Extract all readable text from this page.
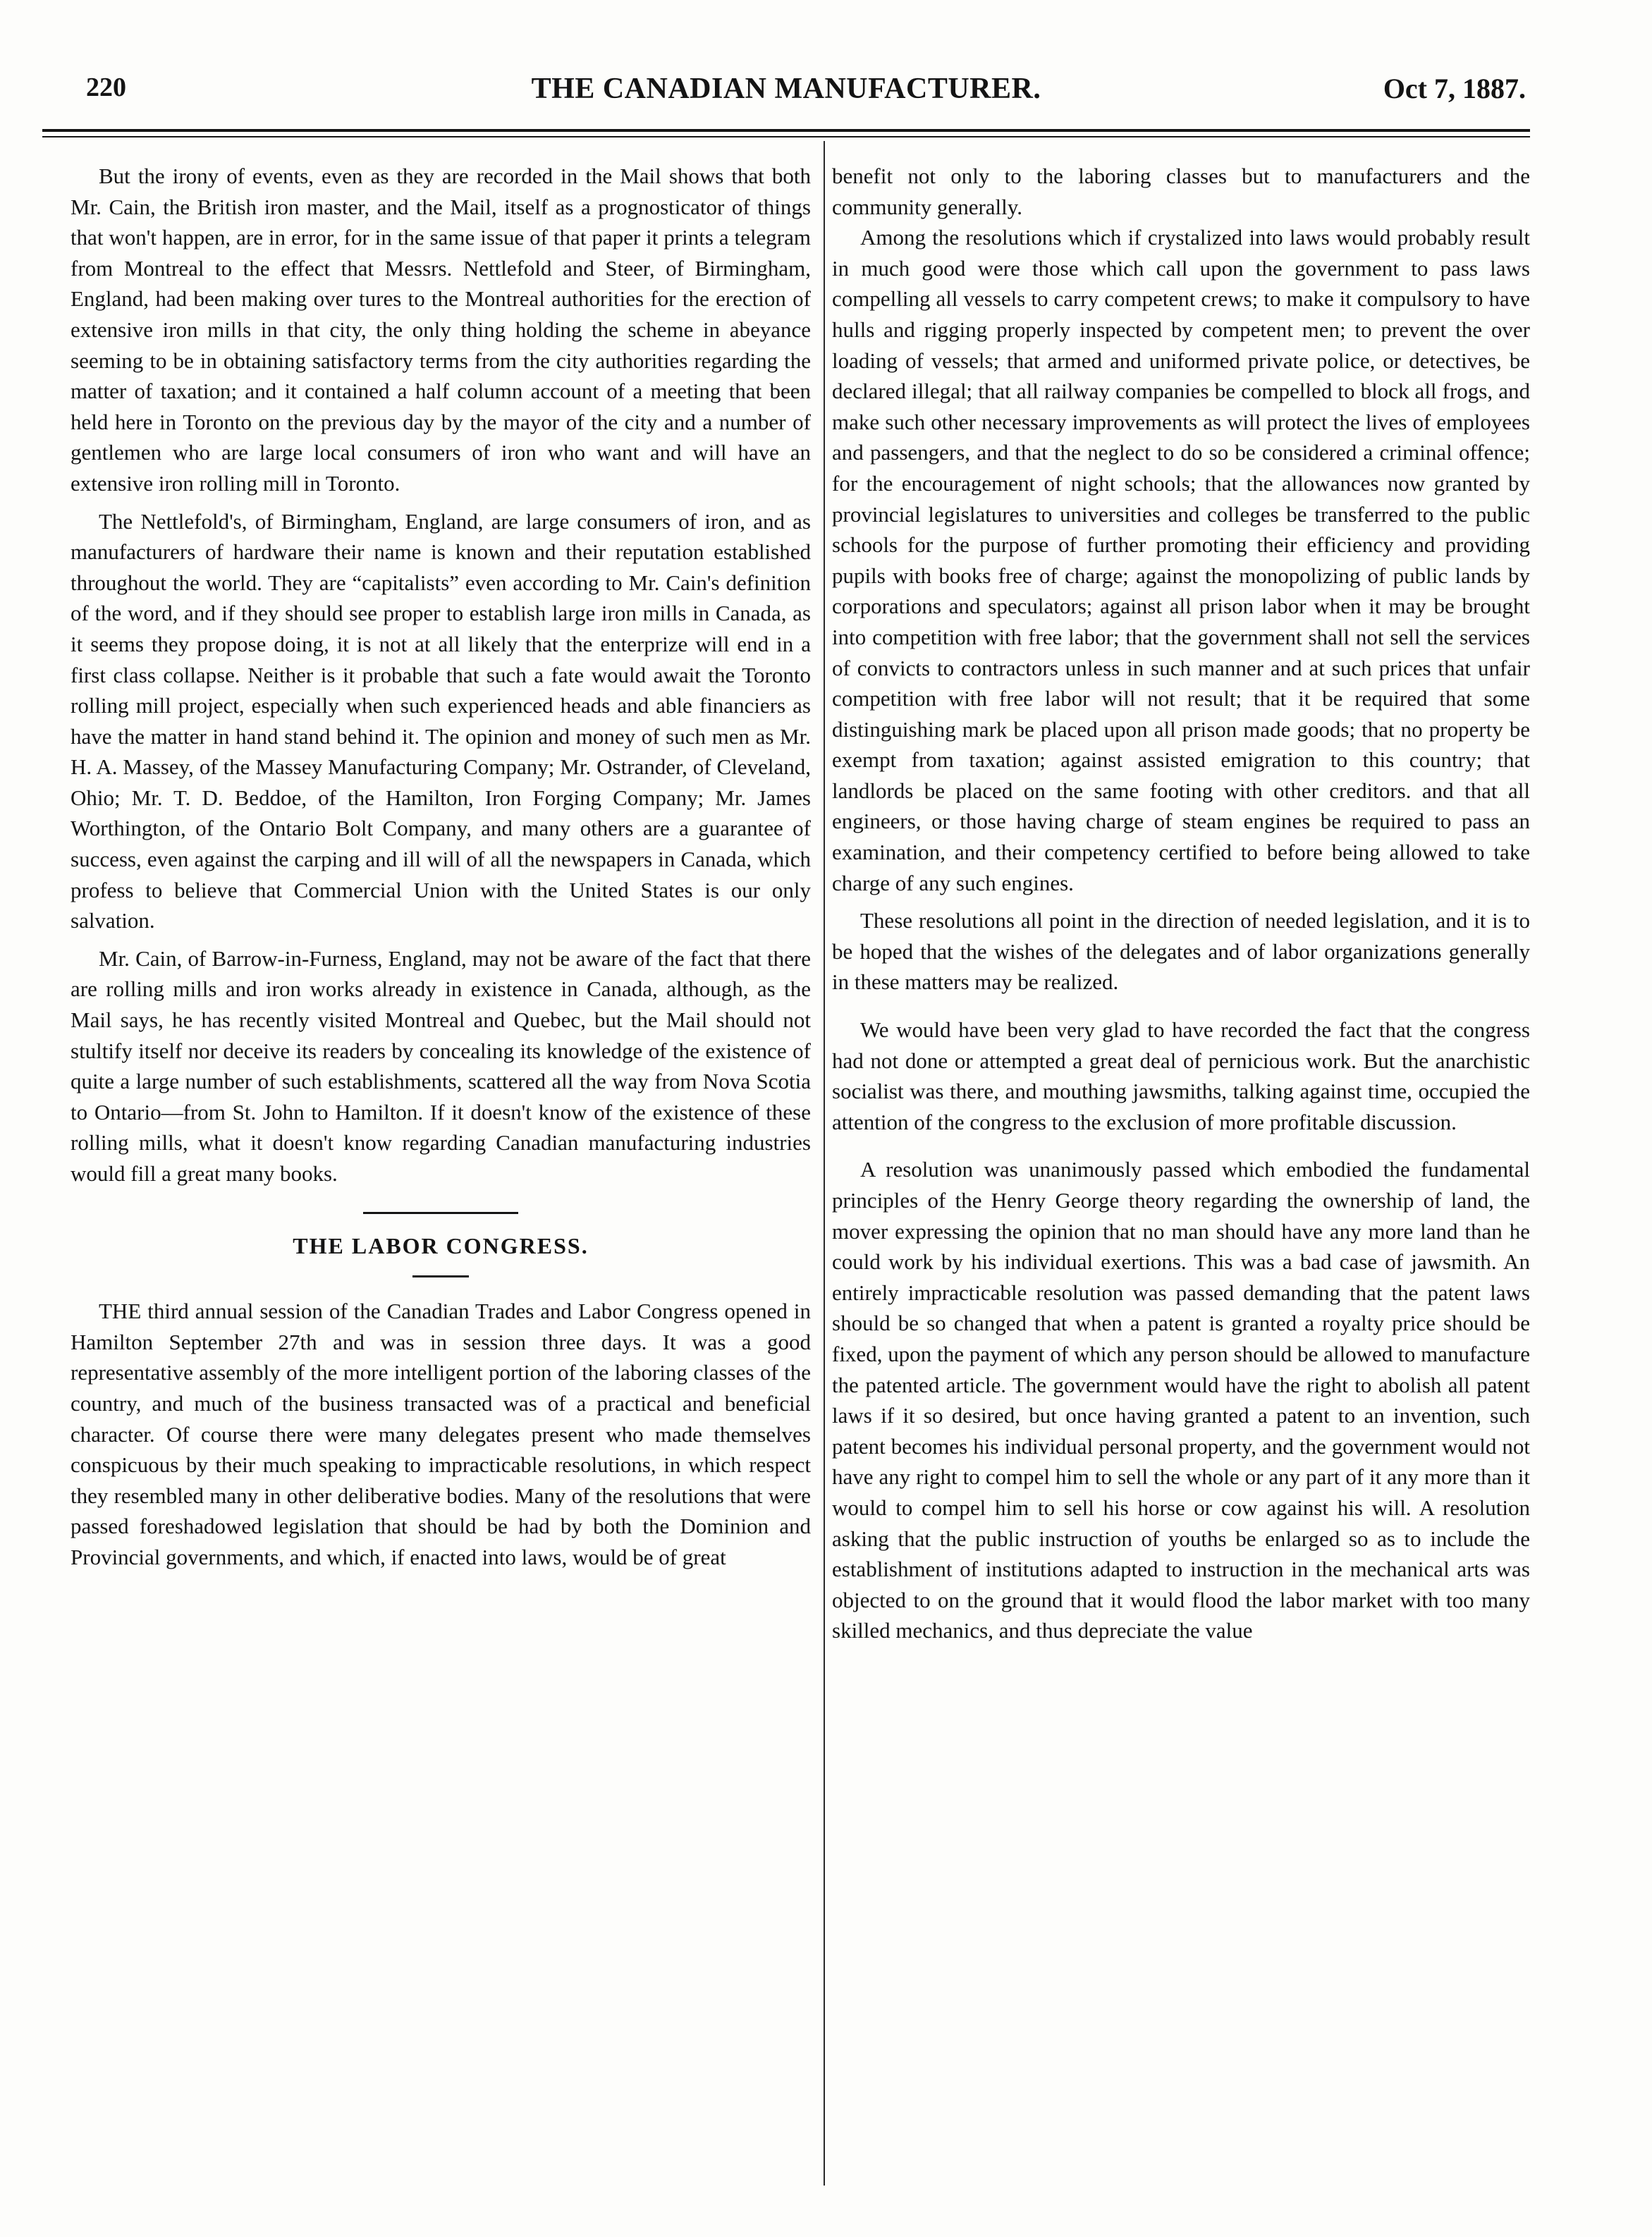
220	THE CANADIAN MANUFACTURER.	Oct 7, 1887.

But the irony of events, even as they are recorded in the Mail shows that both Mr. Cain, the British iron master, and the Mail, itself as a prognosticator of things that won't happen, are in error, for in the same issue of that paper it prints a telegram from Montreal to the effect that Messrs. Nettlefold and Steer, of Birmingham, England, had been making over tures to the Montreal authorities for the erection of extensive iron mills in that city, the only thing holding the scheme in abeyance seeming to be in obtaining satisfactory terms from the city authorities regarding the matter of taxation; and it contained a half column account of a meeting that been held here in Toronto on the previous day by the mayor of the city and a number of gentlemen who are large local consumers of iron who want and will have an extensive iron rolling mill in Toronto.

The Nettlefold's, of Birmingham, England, are large consumers of iron, and as manufacturers of hardware their name is known and their reputation established throughout the world. They are “capitalists” even according to Mr. Cain's definition of the word, and if they should see proper to establish large iron mills in Canada, as it seems they propose doing, it is not at all likely that the enterprize will end in a first class collapse. Neither is it probable that such a fate would await the Toronto rolling mill project, especially when such experienced heads and able financiers as have the matter in hand stand behind it. The opinion and money of such men as Mr. H. A. Massey, of the Massey Manufacturing Company; Mr. Ostrander, of Cleveland, Ohio; Mr. T. D. Beddoe, of the Hamilton, Iron Forging Company; Mr. James Worthington, of the Ontario Bolt Company, and many others are a guarantee of success, even against the carping and ill will of all the newspapers in Canada, which profess to believe that Commercial Union with the United States is our only salvation.

Mr. Cain, of Barrow-in-Furness, England, may not be aware of the fact that there are rolling mills and iron works already in existence in Canada, although, as the Mail says, he has recently visited Montreal and Quebec, but the Mail should not stultify itself nor deceive its readers by concealing its knowledge of the existence of quite a large number of such establishments, scattered all the way from Nova Scotia to Ontario—from St. John to Hamilton. If it doesn't know of the existence of these rolling mills, what it doesn't know regarding Canadian manufacturing industries would fill a great many books.

THE LABOR CONGRESS.

THE third annual session of the Canadian Trades and Labor Congress opened in Hamilton September 27th and was in session three days. It was a good representative assembly of the more intelligent portion of the laboring classes of the country, and much of the business transacted was of a practical and beneficial character. Of course there were many delegates present who made themselves conspicuous by their much speaking to impracticable resolutions, in which respect they resembled many in other deliberative bodies. Many of the resolutions that were passed foreshadowed legislation that should be had by both the Dominion and Provincial governments, and which, if enacted into laws, would be of great

benefit not only to the laboring classes but to manufacturers and the community generally.

Among the resolutions which if crystalized into laws would probably result in much good were those which call upon the government to pass laws compelling all vessels to carry competent crews; to make it compulsory to have hulls and rigging properly inspected by competent men; to prevent the over loading of vessels; that armed and uniformed private police, or detectives, be declared illegal; that all railway companies be compelled to block all frogs, and make such other necessary improvements as will protect the lives of employees and passengers, and that the neglect to do so be considered a criminal offence; for the encouragement of night schools; that the allowances now granted by provincial legislatures to universities and colleges be transferred to the public schools for the purpose of further promoting their efficiency and providing pupils with books free of charge; against the monopolizing of public lands by corporations and speculators; against all prison labor when it may be brought into competition with free labor; that the government shall not sell the services of convicts to contractors unless in such manner and at such prices that unfair competition with free labor will not result; that it be required that some distinguishing mark be placed upon all prison made goods; that no property be exempt from taxation; against assisted emigration to this country; that landlords be placed on the same footing with other creditors. and that all engineers, or those having charge of steam engines be required to pass an examination, and their competency certified to before being allowed to take charge of any such engines.

These resolutions all point in the direction of needed legislation, and it is to be hoped that the wishes of the delegates and of labor organizations generally in these matters may be realized.

We would have been very glad to have recorded the fact that the congress had not done or attempted a great deal of pernicious work. But the anarchistic socialist was there, and mouthing jawsmiths, talking against time, occupied the attention of the congress to the exclusion of more profitable discussion.

A resolution was unanimously passed which embodied the fundamental principles of the Henry George theory regarding the ownership of land, the mover expressing the opinion that no man should have any more land than he could work by his individual exertions. This was a bad case of jawsmith. An entirely impracticable resolution was passed demanding that the patent laws should be so changed that when a patent is granted a royalty price should be fixed, upon the payment of which any person should be allowed to manufacture the patented article. The government would have the right to abolish all patent laws if it so desired, but once having granted a patent to an invention, such patent becomes his individual personal property, and the government would not have any right to compel him to sell the whole or any part of it any more than it would to compel him to sell his horse or cow against his will. A resolution asking that the public instruction of youths be enlarged so as to include the establishment of institutions adapted to instruction in the mechanical arts was objected to on the ground that it would flood the labor market with too many skilled mechanics, and thus depreciate the value
